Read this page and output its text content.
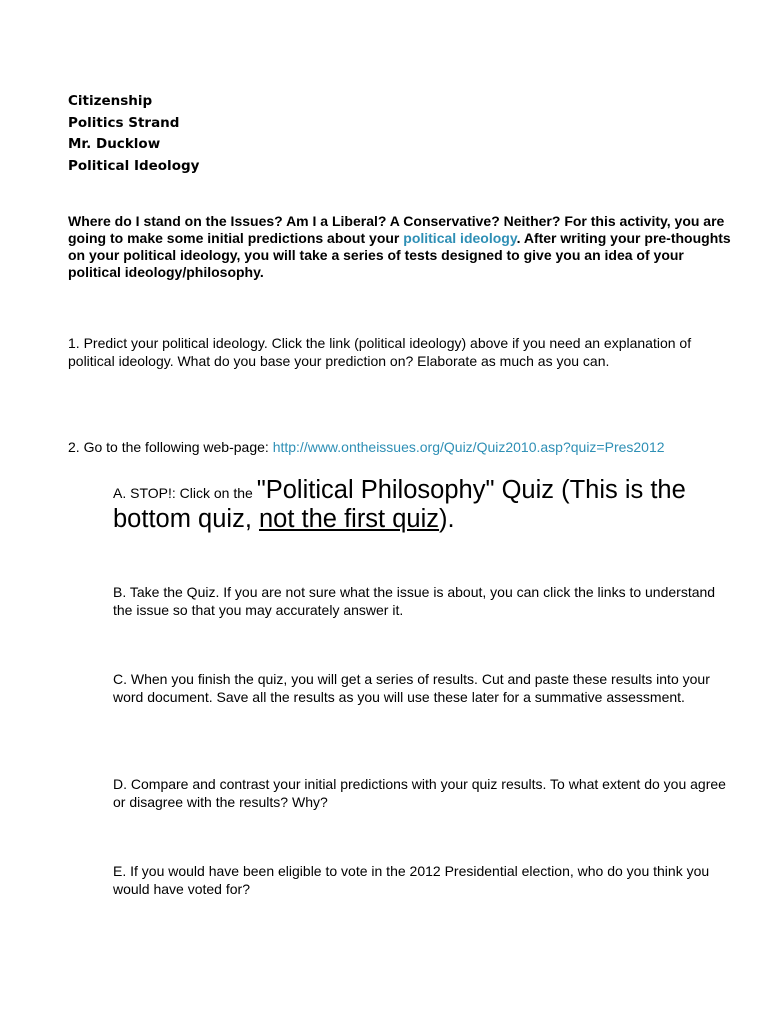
Citizenship
Politics Strand
Mr. Ducklow
Political Ideology
Where do I stand on the Issues? Am I a Liberal? A Conservative? Neither? For this activity, you are going to make some initial predictions about your political ideology. After writing your pre-thoughts on your political ideology, you will take a series of tests designed to give you an idea of your political ideology/philosophy.
1. Predict your political ideology. Click the link (political ideology) above if you need an explanation of political ideology. What do you base your prediction on? Elaborate as much as you can.
2. Go to the following web-page: http://www.ontheissues.org/Quiz/Quiz2010.asp?quiz=Pres2012
A. STOP!: Click on the "Political Philosophy" Quiz (This is the bottom quiz, not the first quiz).
B. Take the Quiz. If you are not sure what the issue is about, you can click the links to understand the issue so that you may accurately answer it.
C. When you finish the quiz, you will get a series of results. Cut and paste these results into your word document. Save all the results as you will use these later for a summative assessment.
D. Compare and contrast your initial predictions with your quiz results. To what extent do you agree or disagree with the results? Why?
E. If you would have been eligible to vote in the 2012 Presidential election, who do you think you would have voted for?
